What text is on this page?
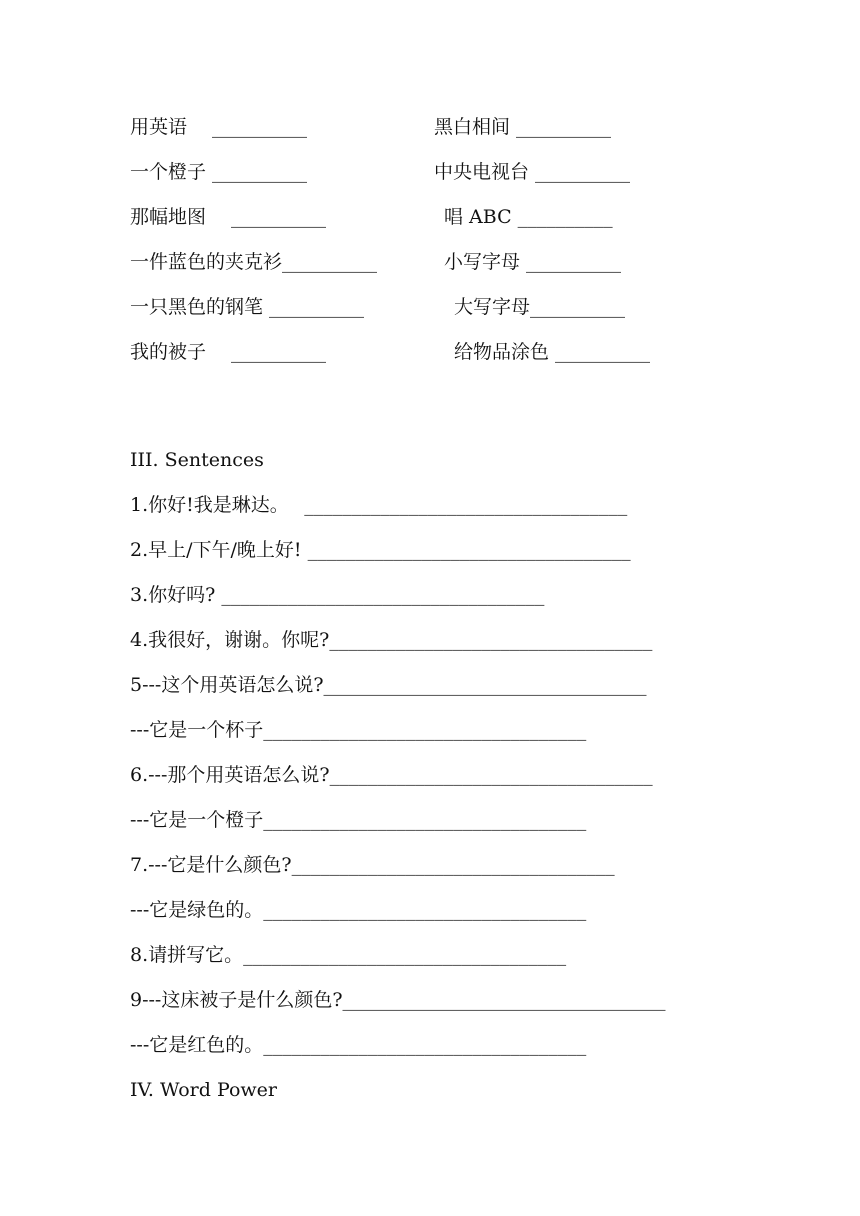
用英语　 __________	黑白相间 __________
一个橙子 __________	中央电视台 __________
那幅地图　 __________	唱 ABC __________
一件蓝色的夹克衫__________	小写字母 __________
一只黑色的钢笔 __________	大写字母__________
我的被子　 __________	给物品涂色 __________
III. Sentences
1.你好!我是琳达。　 __________________________________
2.早上/下午/晚上好! __________________________________
3.你好吗? __________________________________
4.我很好，谢谢。你呢?__________________________________
5---这个用英语怎么说?__________________________________
---它是一个杯子__________________________________
6.---那个用英语怎么说?__________________________________
---它是一个橙子__________________________________
7.---它是什么颜色?__________________________________
---它是绿色的。__________________________________
8.请拼写它。__________________________________
9---这床被子是什么颜色?__________________________________
---它是红色的。__________________________________
IV. Word Power
